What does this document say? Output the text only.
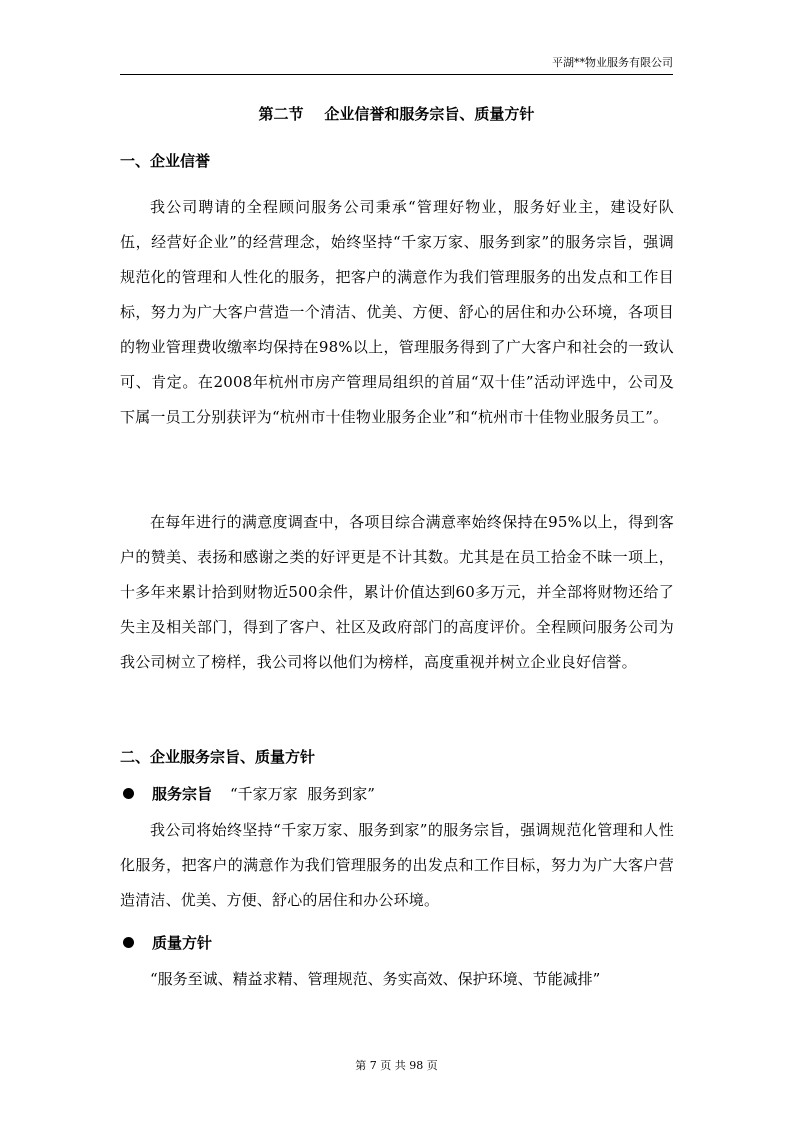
平湖**物业服务有限公司
第二节    企业信誉和服务宗旨、质量方针
一、企业信誉
我公司聘请的全程顾问服务公司秉承“管理好物业，服务好业主，建设好队伍，经营好企业”的经营理念，始终坚持“千家万家、服务到家”的服务宗旨，强调规范化的管理和人性化的服务，把客户的满意作为我们管理服务的出发点和工作目标，努力为广大客户营造一个清洁、优美、方便、舒心的居住和办公环境，各项目的物业管理费收缴率均保持在98%以上，管理服务得到了广大客户和社会的一致认可、肯定。在2008年杭州市房产管理局组织的首届“双十佳”活动评选中，公司及下属一员工分别获评为“杭州市十佳物业服务企业”和“杭州市十佳物业服务员工”。
在每年进行的满意度调查中，各项目综合满意率始终保持在95%以上，得到客户的赞美、表扬和感谢之类的好评更是不计其数。尤其是在员工拾金不昧一项上，十多年来累计拾到财物近500余件，累计价值达到60多万元，并全部将财物还给了失主及相关部门，得到了客户、社区及政府部门的高度评价。全程顾问服务公司为我公司树立了榜样，我公司将以他们为榜样，高度重视并树立企业良好信誉。
二、企业服务宗旨、质量方针
服务宗旨 “千家万家  服务到家”
我公司将始终坚持“千家万家、服务到家”的服务宗旨，强调规范化管理和人性化服务，把客户的满意作为我们管理服务的出发点和工作目标，努力为广大客户营造清洁、优美、方便、舒心的居住和办公环境。
质量方针
“服务至诚、精益求精、管理规范、务实高效、保护环境、节能减排”
第 7 页 共 98 页
